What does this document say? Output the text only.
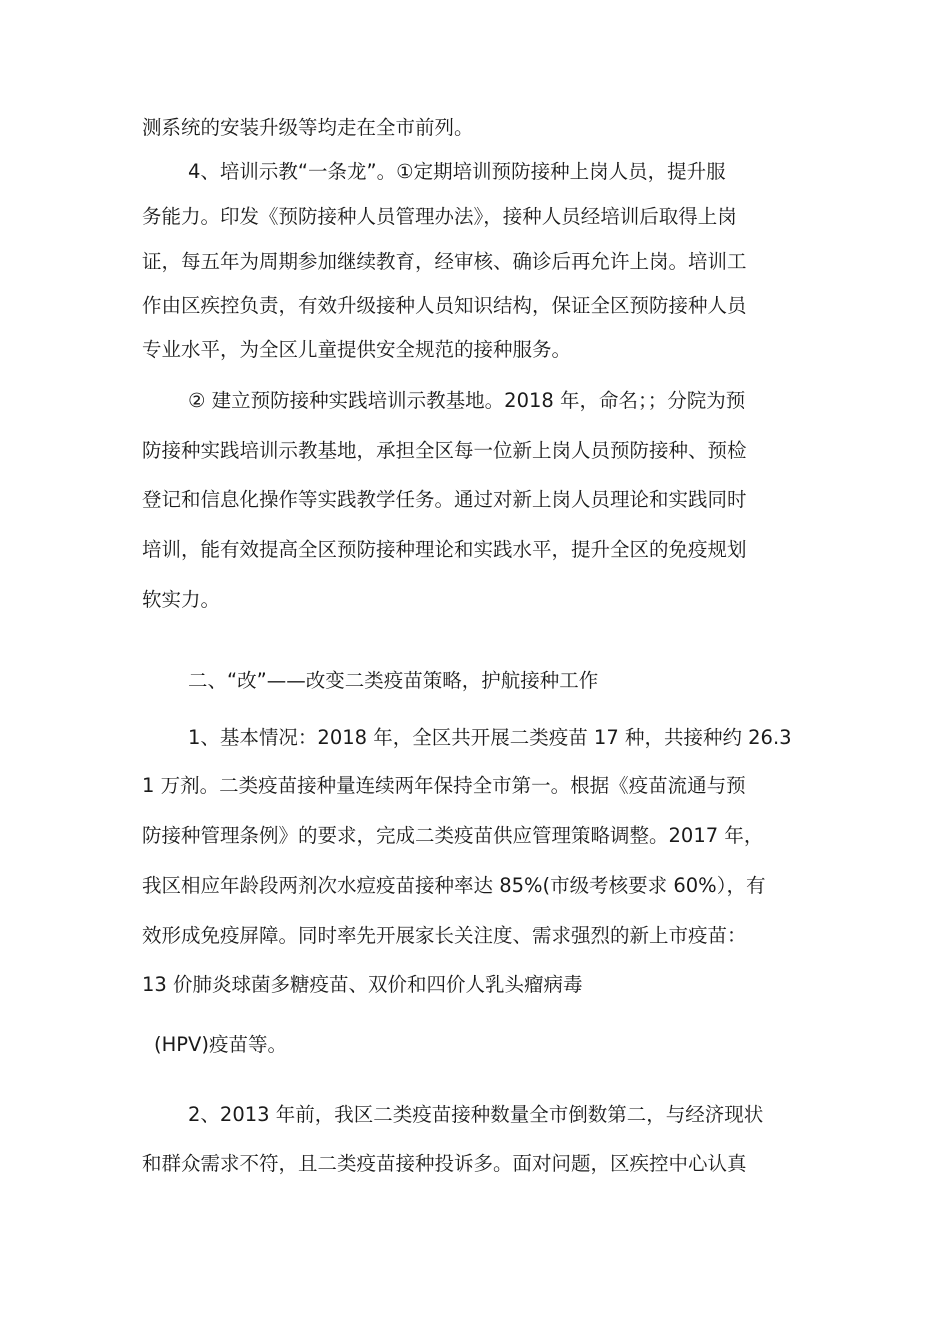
测系统的安装升级等均走在全市前列。
4、培训示教“一条龙”。①定期培训预防接种上岗人员，提升服
务能力。印发《预防接种人员管理办法》，接种人员经培训后取得上岗
证，每五年为周期参加继续教育，经审核、确诊后再允许上岗。培训工
作由区疾控负责，有效升级接种人员知识结构，保证全区预防接种人员
专业水平，为全区儿童提供安全规范的接种服务。
② 建立预防接种实践培训示教基地。2018 年，命名；；分院为预
防接种实践培训示教基地，承担全区每一位新上岗人员预防接种、预检
登记和信息化操作等实践教学任务。通过对新上岗人员理论和实践同时
培训，能有效提高全区预防接种理论和实践水平，提升全区的免疫规划
软实力。
二、“改”——改变二类疫苗策略，护航接种工作
1、基本情况：2018 年，全区共开展二类疫苗 17 种，共接种约 26.3
1 万剂。二类疫苗接种量连续两年保持全市第一。根据《疫苗流通与预
防接种管理条例》的要求，完成二类疫苗供应管理策略调整。2017 年，
我区相应年龄段两剂次水痘疫苗接种率达 85%(市级考核要求 60%），有
效形成免疫屏障。同时率先开展家长关注度、需求强烈的新上市疫苗：
13 价肺炎球菌多糖疫苗、双价和四价人乳头瘤病毒
(HPV)疫苗等。
2、2013 年前，我区二类疫苗接种数量全市倒数第二，与经济现状
和群众需求不符，且二类疫苗接种投诉多。面对问题，区疾控中心认真
